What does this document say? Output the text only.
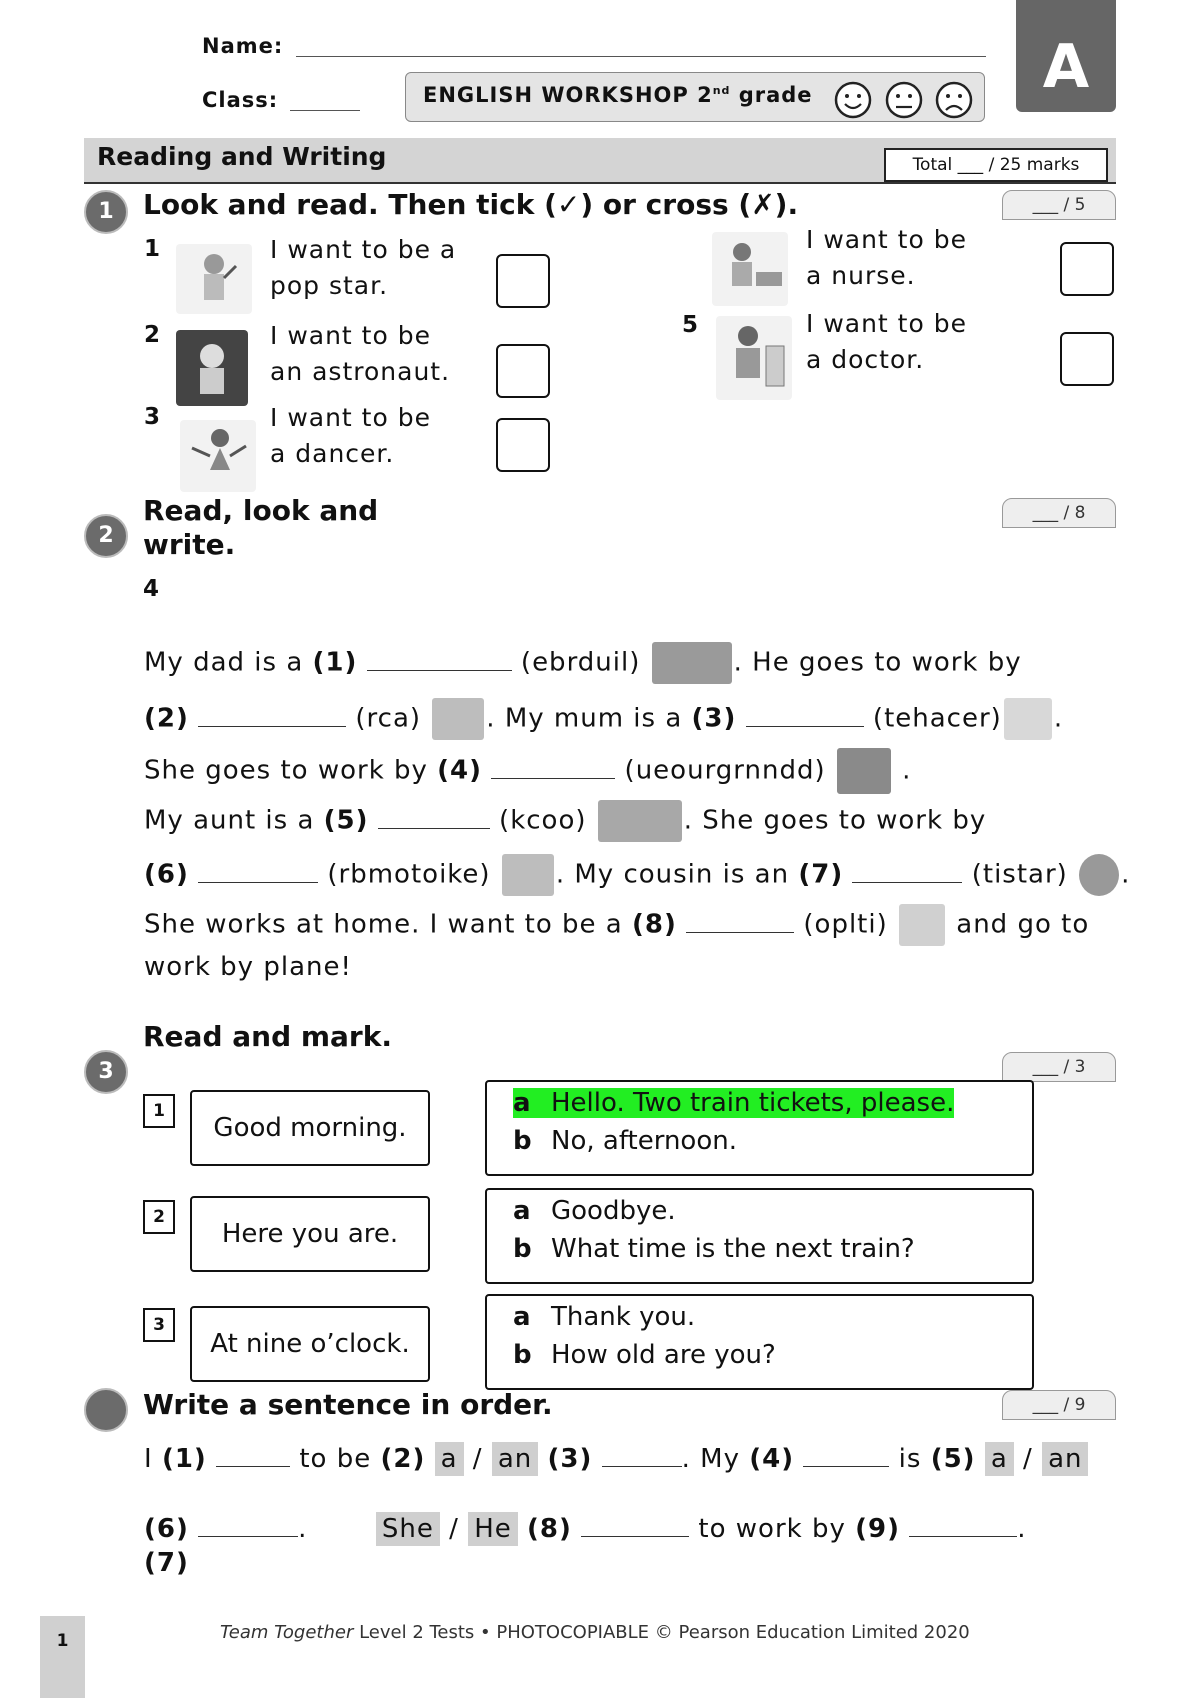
Name:
Class:	ENGLISH WORKSHOP 2nd grade	A
Reading and Writing	Total ___ / 25 marks
1	Look and read. Then tick (✓) or cross (✗).	___ / 5
1	I want to be a
pop star.
2	I want to be
an astronaut.
3	I want to be
a dancer.
I want to be
a nurse.
5	I want to be
a doctor.
2
Read, look and
write.
___ / 8
4
My dad is a (1)	(ebrduil)	. He goes to work by
(2)	(rca) . My mum is a (3)	(tehacer) .
She goes to work by (4)	(ueourgrnndd)  .
My aunt is a (5)	(kcoo)	. She goes to work by
(6)	(rbmotoike) . My cousin is an (7)	(tistar) .
She works at home. I want to be a (8)	(oplti)  and go to
work by plane!
Read and mark.
3	___ / 3
1
Good morning.
a Hello. Two train tickets, please.
b No, afternoon.
2
Here you are.
a Goodbye.
b What time is the next train?
3
At nine o’clock.
a Thank you.
b How old are you?
Write a sentence in order.	___ / 9
I (1)	to be (2) a / an (3)	. My (4)	is (5) a / an
(6)	.	She / He (8)	to work by (9)	.
(7)
1	Team Together Level 2 Tests • PHOTOCOPIABLE © Pearson Education Limited 2020
